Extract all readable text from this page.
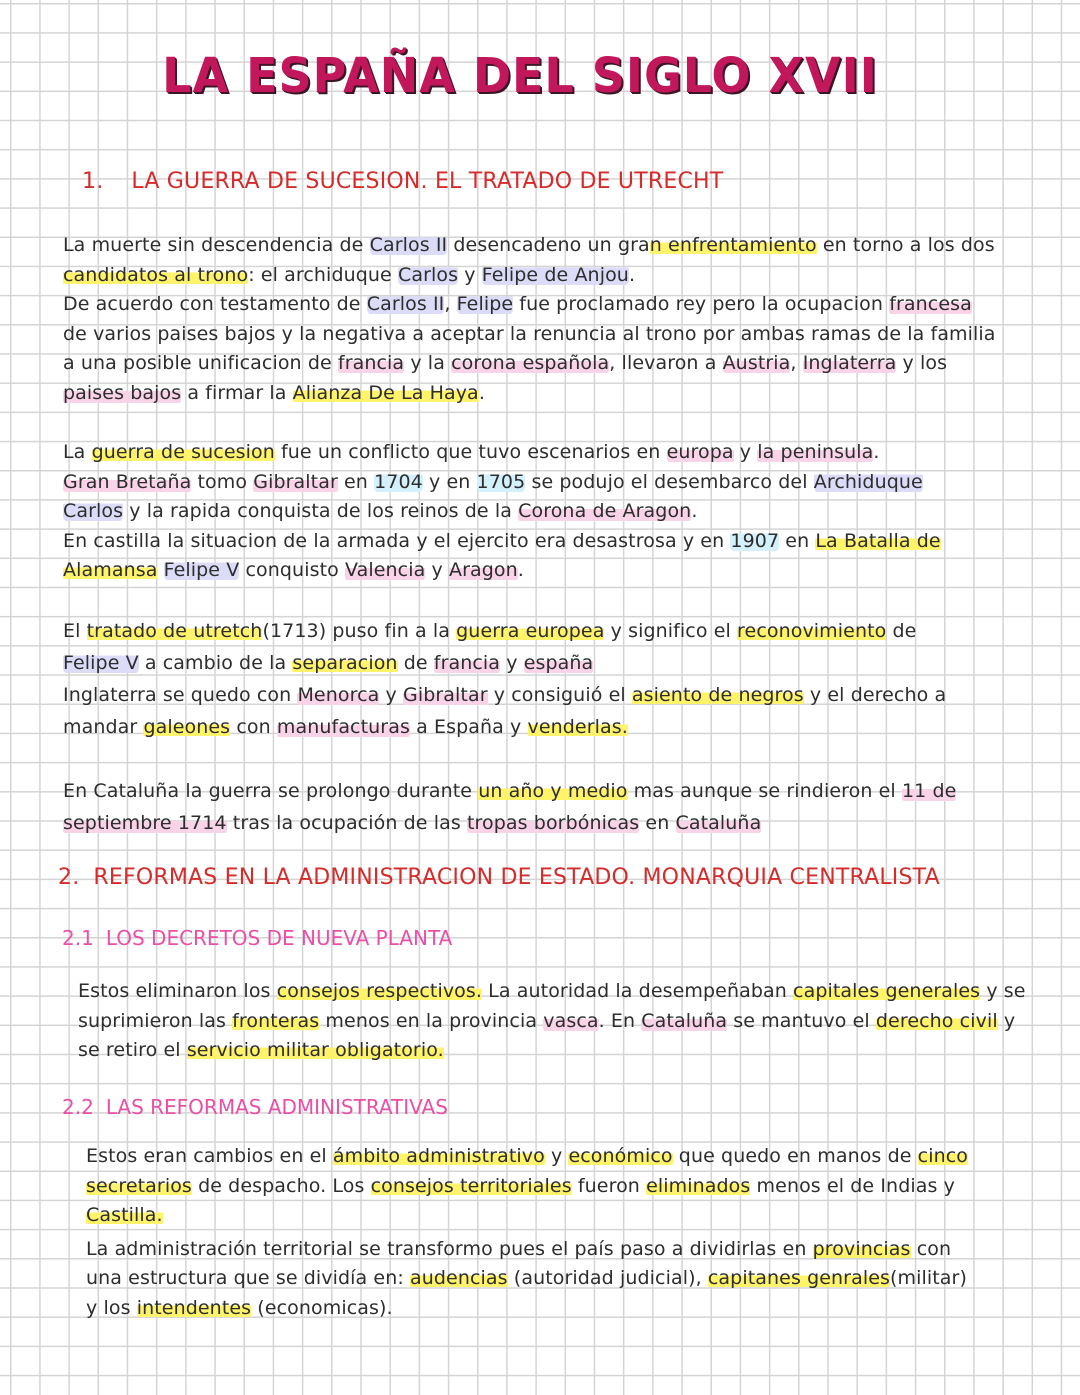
LA ESPAÑA DEL SIGLO XVII
1. LA GUERRA DE SUCESION. EL TRATADO DE UTRECHT
La muerte sin descendencia de Carlos II desencadeno un gran enfrentamiento en torno a los dos
candidatos al trono: el archiduque Carlos y Felipe de Anjou.
De acuerdo con testamento de Carlos II, Felipe fue proclamado rey pero la ocupacion francesa
de varios paises bajos y la negativa a aceptar la renuncia al trono por ambas ramas de la familia
a una posible unificacion de francia y la corona española, llevaron a Austria, Inglaterra y los
paises bajos a firmar la Alianza De La Haya.
La guerra de sucesion fue un conflicto que tuvo escenarios en europa y la peninsula.
Gran Bretaña tomo Gibraltar en 1704 y en 1705 se podujo el desembarco del Archiduque
Carlos y la rapida conquista de los reinos de la Corona de Aragon.
En castilla la situacion de la armada y el ejercito era desastrosa y en 1907 en La Batalla de
Alamansa Felipe V conquisto Valencia y Aragon.
El tratado de utretch(1713) puso fin a la guerra europea y significo el reconovimiento de
Felipe V a cambio de la separacion de francia y españa
Inglaterra se quedo con Menorca y Gibraltar y consiguió el asiento de negros y el derecho a
mandar galeones con manufacturas a España y venderlas.
En Cataluña la guerra se prolongo durante un año y medio mas aunque se rindieron el 11 de
septiembre 1714 tras la ocupación de las tropas borbónicas en Cataluña
2. REFORMAS EN LA ADMINISTRACION DE ESTADO. MONARQUIA CENTRALISTA
2.1 LOS DECRETOS DE NUEVA PLANTA
Estos eliminaron los consejos respectivos. La autoridad la desempeñaban capitales generales y se
suprimieron las fronteras menos en la provincia vasca. En Cataluña se mantuvo el derecho civil y
se retiro el servicio militar obligatorio.
2.2 LAS REFORMAS ADMINISTRATIVAS
Estos eran cambios en el ámbito administrativo y económico que quedo en manos de cinco
secretarios de despacho. Los consejos territoriales fueron eliminados menos el de Indias y
Castilla.
La administración territorial se transformo pues el país paso a dividirlas en provincias con
una estructura que se dividía en: audencias (autoridad judicial), capitanes genrales(militar)
y los intendentes (economicas).
